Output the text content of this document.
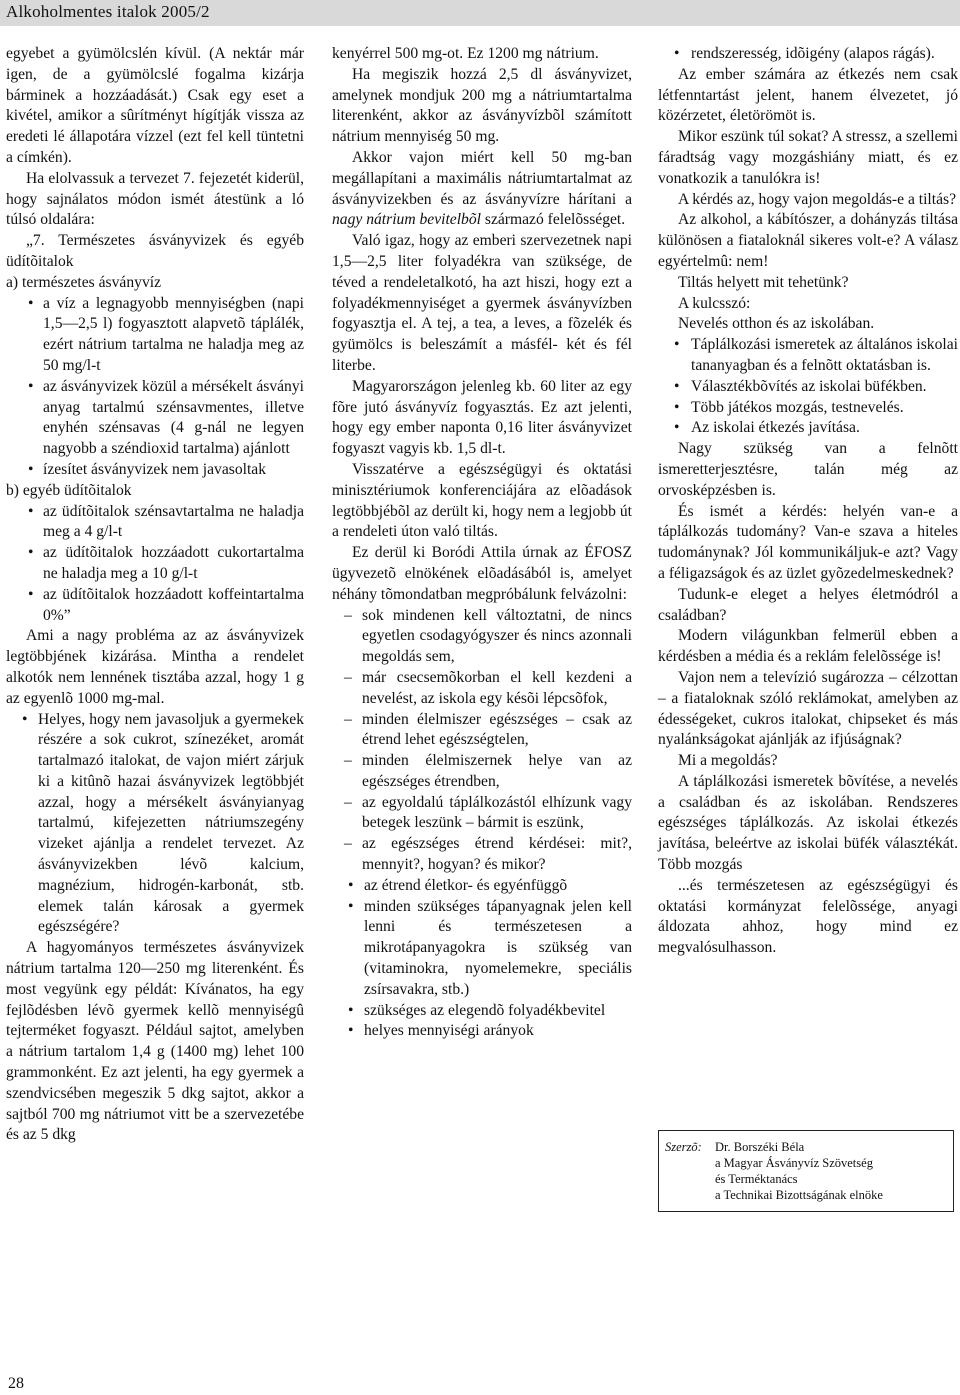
Alkoholmentes italok 2005/2

egyebet a gyümölcslén kívül. (A nektár már igen, de a gyümölcslé fogalma kizárja bárminek a hozzáadását.) Csak egy eset a kivétel, amikor a sûrítményt hígítják vissza az eredeti lé állapotára vízzel (ezt fel kell tüntetni a címkén).

Ha elolvassuk a tervezet 7. fejezetét kiderül, hogy sajnálatos módon ismét átestünk a ló túlsó oldalára:

„7. Természetes ásványvizek és egyéb üdítõitalok

a) természetes ásványvíz

• a víz a legnagyobb mennyiségben (napi 1,5—2,5 l) fogyasztott alapvetõ táplálék, ezért nátrium tartalma ne haladja meg az 50 mg/l-t
• az ásványvizek közül a mérsékelt ásványi anyag tartalmú szénsavmentes, illetve enyhén szénsavas (4 g-nál ne legyen nagyobb a széndioxid tartalma) ajánlott
• ízesítet ásványvizek nem javasoltak

b) egyéb üdítõitalok

• az üdítõitalok szénsavtartalma ne haladja meg a 4 g/l-t
• az üdítõitalok hozzáadott cukortartalma ne haladja meg a 10 g/l-t
• az üdítõitalok hozzáadott koffeintartalma 0%”

Ami a nagy probléma az az ásványvizek legtöbbjének kizárása. Mintha a rendelet alkotók nem lennének tisztába azzal, hogy 1 g az egyenlõ 1000 mg-mal.

• Helyes, hogy nem javasoljuk a gyermekek részére a sok cukrot, színezéket, aromát tartalmazó italokat, de vajon miért zárjuk ki a kitûnõ hazai ásványvizek legtöbbjét azzal, hogy a mérsékelt ásványianyag tartalmú, kifejezetten nátriumszegény vizeket ajánlja a rendelet tervezet. Az ásványvizekben lévõ kalcium, magnézium, hidrogén-karbonát, stb. elemek talán károsak a gyermek egészségére?

A hagyományos természetes ásványvizek nátrium tartalma 120—250 mg literenként. És most vegyünk egy példát: Kívánatos, ha egy fejlõdésben lévõ gyermek kellõ mennyiségû tejterméket fogyaszt. Például sajtot, amelyben a nátrium tartalom 1,4 g (1400 mg) lehet 100 grammonként. Ez azt jelenti, ha egy gyermek a szendvicsében megeszik 5 dkg sajtot, akkor a sajtból 700 mg nátriumot vitt be a szervezetébe és az 5 dkg

kenyérrel 500 mg-ot. Ez 1200 mg nátrium.

Ha megiszik hozzá 2,5 dl ásványvizet, amelynek mondjuk 200 mg a nátriumtartalma literenként, akkor az ásványvízbõl számított nátrium mennyiség 50 mg.

Akkor vajon miért kell 50 mg-ban megállapítani a maximális nátriumtartalmat az ásványvizekben és az ásványvízre hárítani a nagy nátrium bevitelbõl származó felelõsséget.

Való igaz, hogy az emberi szervezetnek napi 1,5—2,5 liter folyadékra van szüksége, de téved a rendeletalkotó, ha azt hiszi, hogy ezt a folyadékmennyiséget a gyermek ásványvízben fogyasztja el. A tej, a tea, a leves, a fõzelék és gyümölcs is beleszámít a másfél- két és fél literbe.

Magyarországon jelenleg kb. 60 liter az egy fõre jutó ásványvíz fogyasztás. Ez azt jelenti, hogy egy ember naponta 0,16 liter ásványvizet fogyaszt vagyis kb. 1,5 dl-t.

Visszatérve a egészségügyi és oktatási minisztériumok konferenciájára az elõadások legtöbbjébõl az derült ki, hogy nem a legjobb út a rendeleti úton való tiltás.

Ez derül ki Boródi Attila úrnak az ÉFOSZ ügyvezetõ elnökének elõadásából is, amelyet néhány tõmondatban megpróbálunk felvázolni:

– sok mindenen kell változtatni, de nincs egyetlen csodagyógyszer és nincs azonnali megoldás sem,
– már csecsemõkorban el kell kezdeni a nevelést, az iskola egy késõi lépcsõfok,
– minden élelmiszer egészséges – csak az étrend lehet egészségtelen,
– minden élelmiszernek helye van az egészséges étrendben,
– az egyoldalú táplálkozástól elhízunk vagy betegek leszünk – bármit is eszünk,
– az egészséges étrend kérdései: mit?, mennyit?, hogyan? és mikor?
• az étrend életkor- és egyénfüggõ
• minden szükséges tápanyagnak jelen kell lenni és természetesen a mikrotápanyagokra is szükség van (vitaminokra, nyomelemekre, speciális zsírsavakra, stb.)
• szükséges az elegendõ folyadékbevitel
• helyes mennyiségi arányok
• rendszeresség, idõigény (alapos rágás).

Az ember számára az étkezés nem csak létfenntartást jelent, hanem élvezetet, jó közérzetet, életörömöt is.

Mikor eszünk túl sokat? A stressz, a szellemi fáradtság vagy mozgáshiány miatt, és ez vonatkozik a tanulókra is!

A kérdés az, hogy vajon megoldás-e a tiltás?

Az alkohol, a kábítószer, a dohányzás tiltása különösen a fiataloknál sikeres volt-e? A válasz egyértelmû: nem!

Tiltás helyett mit tehetünk?

A kulcsszó:

Nevelés otthon és az iskolában.

• Táplálkozási ismeretek az általános iskolai tananyagban és a felnõtt oktatásban is.
• Választékbõvítés az iskolai büfékben.
• Több játékos mozgás, testnevelés.
• Az iskolai étkezés javítása.

Nagy szükség van a felnõtt ismeretterjesztésre, talán még az orvosképzésben is.

És ismét a kérdés: helyén van-e a táplálkozás tudomány? Van-e szava a hiteles tudománynak? Jól kommunikáljuk-e azt? Vagy a féligazságok és az üzlet gyõzedelmeskednek?

Tudunk-e eleget a helyes életmódról a családban?

Modern világunkban felmerül ebben a kérdésben a média és a reklám felelõssége is!

Vajon nem a televízió sugározza – célzottan – a fiataloknak szóló reklámokat, amelyben az édességeket, cukros italokat, chipseket és más nyalánkságokat ajánlják az ifjúságnak?

Mi a megoldás?

A táplálkozási ismeretek bõvítése, a nevelés a családban és az iskolában. Rendszeres egészséges táplálkozás. Az iskolai étkezés javítása, beleértve az iskolai büfék választékát. Több mozgás

...és természetesen az egészségügyi és oktatási kormányzat felelõssége, anyagi áldozata ahhoz, hogy mind ez megvalósulhasson.

Szerzõ: Dr. Borszéki Béla
a Magyar Ásványvíz Szövetség
és Terméktanács
a Technikai Bizottságának elnöke
28
